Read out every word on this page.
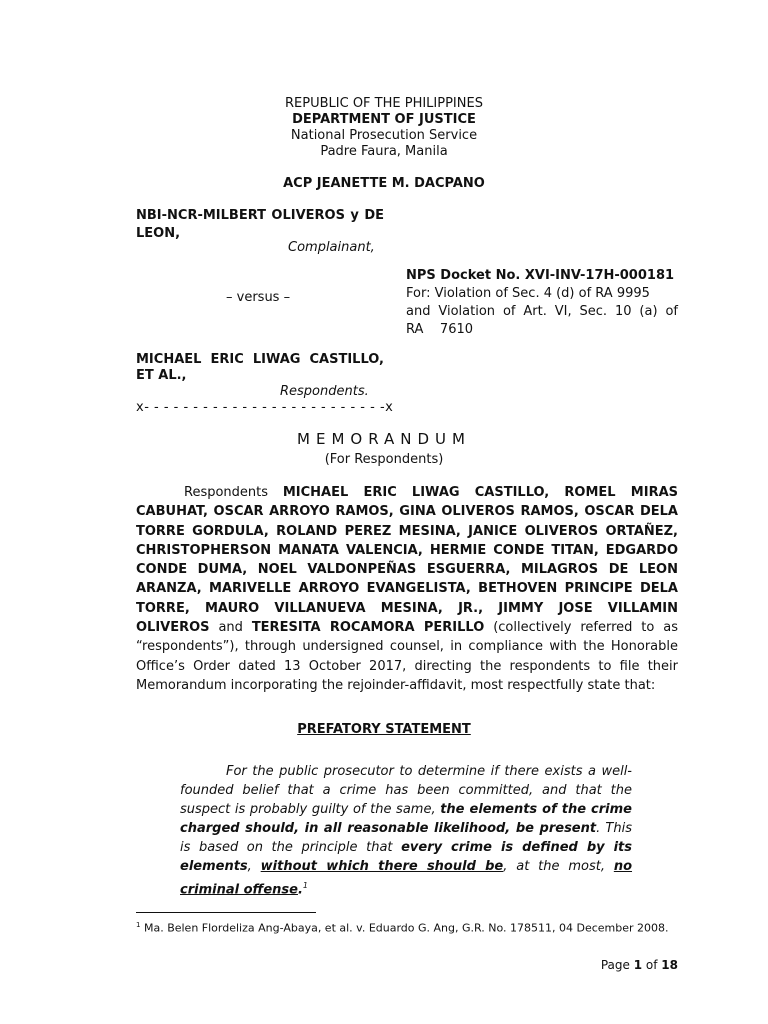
REPUBLIC OF THE PHILIPPINES
DEPARTMENT OF JUSTICE
National Prosecution Service
Padre Faura, Manila
ACP JEANETTE M. DACPANO
NBI-NCR-MILBERT OLIVEROS y DE
LEON,
Complainant,
– versus –
MICHAEL ERIC LIWAG CASTILLO,
ET AL.,
Respondents.
x- - - - - - - - - - - - - - - - - - - - - - - - -x
NPS Docket No. XVI-INV-17H-000181
For: Violation of Sec. 4 (d) of RA 9995
and Violation of Art. VI, Sec. 10 (a) of
RA    7610
MEMORANDUM
(For Respondents)
Respondents MICHAEL ERIC LIWAG CASTILLO, ROMEL MIRAS CABUHAT, OSCAR ARROYO RAMOS, GINA OLIVEROS RAMOS, OSCAR DELA TORRE GORDULA, ROLAND PEREZ MESINA, JANICE OLIVEROS ORTAÑEZ, CHRISTOPHERSON MANATA VALENCIA, HERMIE CONDE TITAN, EDGARDO CONDE DUMA, NOEL VALDONPEÑAS ESGUERRA, MILAGROS DE LEON ARANZA, MARIVELLE ARROYO EVANGELISTA, BETHOVEN PRINCIPE DELA TORRE, MAURO VILLANUEVA MESINA, JR., JIMMY JOSE VILLAMIN OLIVEROS and TERESITA ROCAMORA PERILLO (collectively referred to as “respondents”), through undersigned counsel, in compliance with the Honorable Office’s Order dated 13 October 2017, directing the respondents to file their Memorandum incorporating the rejoinder-affidavit, most respectfully state that:
PREFATORY STATEMENT
For the public prosecutor to determine if there exists a well-founded belief that a crime has been committed, and that the suspect is probably guilty of the same, the elements of the crime charged should, in all reasonable likelihood, be present. This is based on the principle that every crime is defined by its elements, without which there should be, at the most, no criminal offense.$^1$
$^1$ Ma. Belen Flordeliza Ang-Abaya, et al. v. Eduardo G. Ang, G.R. No. 178511, 04 December 2008.
Page 1 of 18
